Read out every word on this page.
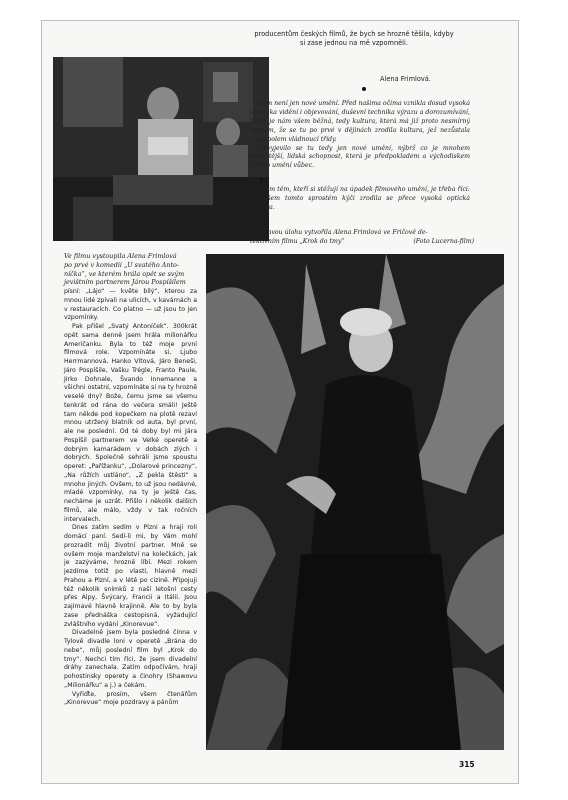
producentům českých filmů, že bych se hrozně těšila, kdyby
si zase jednou na mě vzpomněli.
Alena Frimlová.

Film není jen nové umění. Před našima očima vznikla dosud vysoká technika vidění i objevování, duševní technika výrazu a dorozumívání, která je nám všem běžná, tedy kultura, která má již proto nesmírný význam, že se tu po prvé v dějinách zrodila kultura, jež nezůstala monopolem vládnoucí třídy.

Nevyjevilo se tu tedy jen nové umění, nýbrž co je mnohem důležitější, lidská schopnost, která je předpokladem a východiskem tohoto umění vůbec.

Všem těm, kteří si stěžují na úpadek filmového umění, je třeba říci: při všem tomto sprostém kýči zrodila se přece vysoká optická kultura.

Zajímavou úlohu vytvořila Alena Frimlová ve Fričově de-
tektivním filmu „Krok do tmy“	(Foto Lucerna-film)
Ve filmu vystoupila Alena Frimlová
po prvé v komedii „U svatého Anto-
níčka“, ve kterém hrála opět se svým
jevištním partnerem Járou Pospíšilem

písní: „Lájo“ — květe bílý“, kterou za mnou lidé zpívali na ulicích, v kavárnách a v restauracích. Co platno — už jsou to jen vzpomínky.

Pak přišel „Svatý Antoníček“. 300krát opět sama denně jsem hrála milionářku Američanku. Byla to též moje první filmová role. Vzpomínáte si, Ljubo Herrmannová, Hanko Vítová, Járo Beneši, Járo Pospíšile, Vašku Trégle, Franto Paule, Jirko Dohnale, Švando Innemanne a všichni ostatní, vzpomínáte si na ty hrozně veselé dny? Bože, čemu jsme se všemu tenkrát od rána do večera smáli! Ještě tam někde pod kopečkem na plotě rezaví mnou utržený blatník od auta, byl první, ale ne poslední. Od té doby byl mi Jára Pospíšil partnerem ve Velké operetě a dobrým kamarádem v dobách zlých i dobrých. Společně sehráli jsme spoustu operet: „Pařížanku“, „Dolarové princezny“, „Na růžích ustláno“, „Z pekla štěstí“ a mnoho jiných. Ovšem, to už jsou nedávné, mladé vzpomínky, na ty je ještě čas, necháme je uzrát. Přišlo i několik dalších filmů, ale málo, vždy v tak ročních intervalech.

Dnes zatím sedím v Plzni a hraji roli domácí paní. Sedí-li mi, by Vám mohl prozradit můj životní partner. Mně se ovšem moje manželství na kolečkách, jak je zazýváme, hrozně líbí. Mezi rokem jezdíme totiž po vlasti, hlavně mezi Prahou a Plzní, a v létě po cizině. Připojuji též několik snímků z naší letošní cesty přes Alpy, Švýcary, Francii a Itálii. Jsou zajímavé hlavně krajinně. Ale to by byla zase přednáška cestopisná, vyžadující zvláštního vydání „Kinorevue“.

Divadelně jsem byla posledně činna v Tylově divadle loni v operetě „Brána do nebe“, můj poslední film byl „Krok do tmy“. Nechci tím říci, že jsem divadelní dráhy zanechala. Zatím odpočívám, hraji pohostinsky operety a činohry (Shawovu „Milionářku“ a j.) a čekám.

Vyřiďte, prosím, všem čtenářům „Kinorevue“ moje pozdravy a pánům

315
